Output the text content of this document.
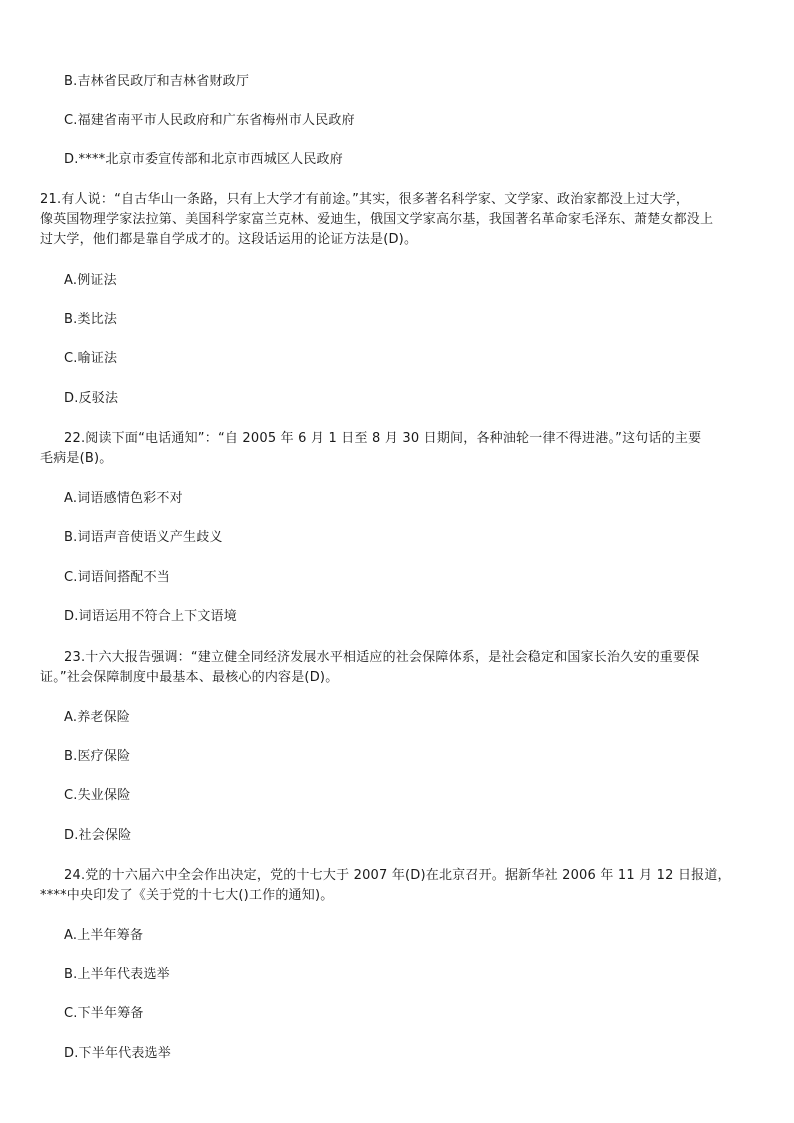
B.吉林省民政厅和吉林省财政厅
C.福建省南平市人民政府和广东省梅州市人民政府
D.****北京市委宣传部和北京市西城区人民政府
21.有人说：“自古华山一条路，只有上大学才有前途。”其实，很多著名科学家、文学家、政治家都没上过大学，
像英国物理学家法拉第、美国科学家富兰克林、爱迪生，俄国文学家高尔基，我国著名革命家毛泽东、萧楚女都没上
过大学，他们都是靠自学成才的。这段话运用的论证方法是(D)。
A.例证法
B.类比法
C.喻证法
D.反驳法
22.阅读下面“电话通知”：“自 2005 年 6 月 1 日至 8 月 30 日期间，各种油轮一律不得进港。”这句话的主要
毛病是(B)。
A.词语感情色彩不对
B.词语声音使语义产生歧义
C.词语间搭配不当
D.词语运用不符合上下文语境
23.十六大报告强调：“建立健全同经济发展水平相适应的社会保障体系，是社会稳定和国家长治久安的重要保
证。”社会保障制度中最基本、最核心的内容是(D)。
A.养老保险
B.医疗保险
C.失业保险
D.社会保险
24.党的十六届六中全会作出决定，党的十七大于 2007 年(D)在北京召开。据新华社 2006 年 11 月 12 日报道，
****中央印发了《关于党的十七大()工作的通知)。
A.上半年筹备
B.上半年代表选举
C.下半年筹备
D.下半年代表选举
